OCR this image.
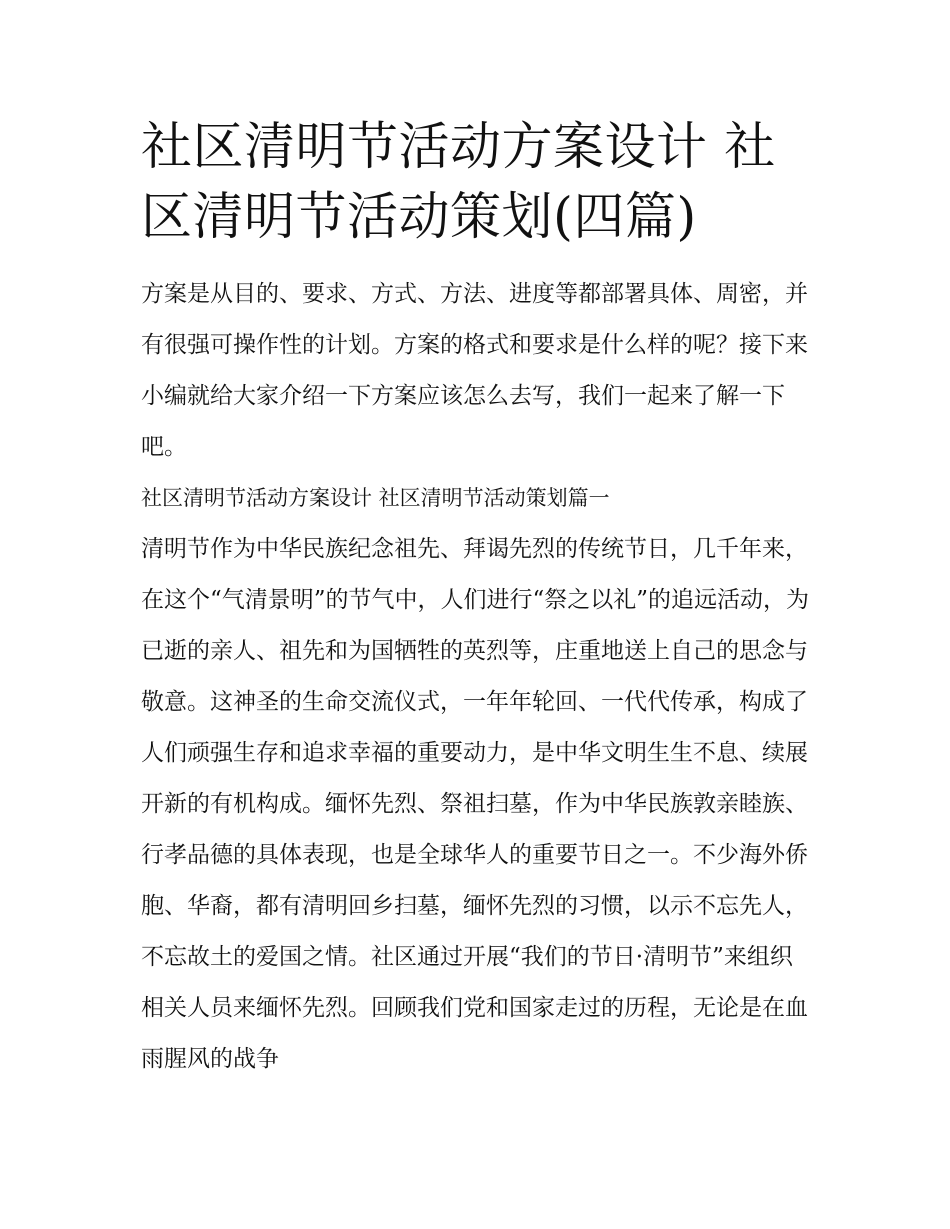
社区清明节活动方案设计 社区清明节活动策划(四篇)

方案是从目的、要求、方式、方法、进度等都部署具体、周密，并有很强可操作性的计划。方案的格式和要求是什么样的呢？接下来小编就给大家介绍一下方案应该怎么去写，我们一起来了解一下吧。

社区清明节活动方案设计 社区清明节活动策划篇一

清明节作为中华民族纪念祖先、拜谒先烈的传统节日，几千年来，在这个“气清景明”的节气中，人们进行“祭之以礼”的追远活动，为已逝的亲人、祖先和为国牺牲的英烈等，庄重地送上自己的思念与敬意。这神圣的生命交流仪式，一年年轮回、一代代传承，构成了人们顽强生存和追求幸福的重要动力，是中华文明生生不息、续展开新的有机构成。缅怀先烈、祭祖扫墓，作为中华民族敦亲睦族、行孝品德的具体表现，也是全球华人的重要节日之一。不少海外侨胞、华裔，都有清明回乡扫墓，缅怀先烈的习惯，以示不忘先人，不忘故土的爱国之情。社区通过开展“我们的节日·清明节”来组织相关人员来缅怀先烈。回顾我们党和国家走过的历程，无论是在血雨腥风的战争
